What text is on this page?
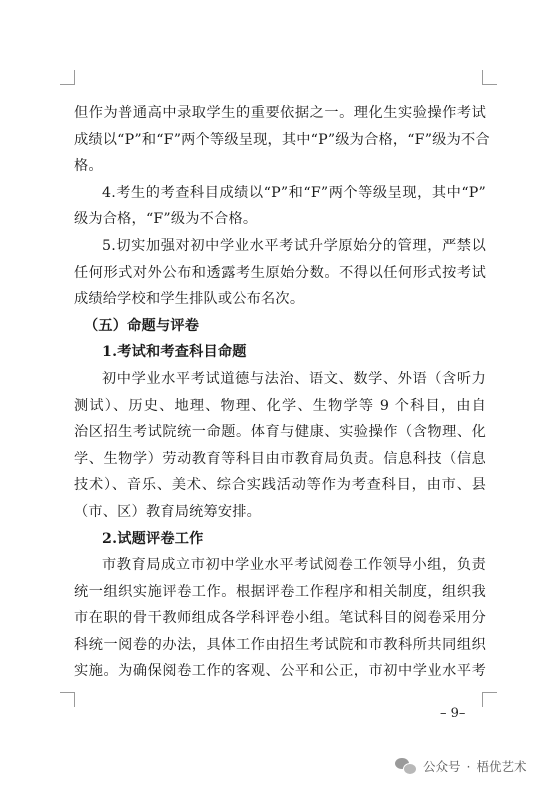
但作为普通高中录取学生的重要依据之一。理化生实验操作考试
成绩以“P”和“F”两个等级呈现，其中“P”级为合格，“F”级为不合
格。
4.考生的考查科目成绩以“P”和“F”两个等级呈现，其中“P”
级为合格，“F”级为不合格。
5.切实加强对初中学业水平考试升学原始分的管理，严禁以
任何形式对外公布和透露考生原始分数。不得以任何形式按考试
成绩给学校和学生排队或公布名次。
（五）命题与评卷
1.考试和考查科目命题
初中学业水平考试道德与法治、语文、数学、外语（含听力
测试）、历史、地理、物理、化学、生物学等 9 个科目，由自
治区招生考试院统一命题。体育与健康、实验操作（含物理、化
学、生物学）劳动教育等科目由市教育局负责。信息科技（信息
技术）、音乐、美术、综合实践活动等作为考查科目，由市、县
（市、区）教育局统筹安排。
2.试题评卷工作
市教育局成立市初中学业水平考试阅卷工作领导小组，负责
统一组织实施评卷工作。根据评卷工作程序和相关制度，组织我
市在职的骨干教师组成各学科评卷小组。笔试科目的阅卷采用分
科统一阅卷的办法，具体工作由招生考试院和市教科所共同组织
实施。为确保阅卷工作的客观、公平和公正，市初中学业水平考
– 9–
公众号 · 梧优艺术
